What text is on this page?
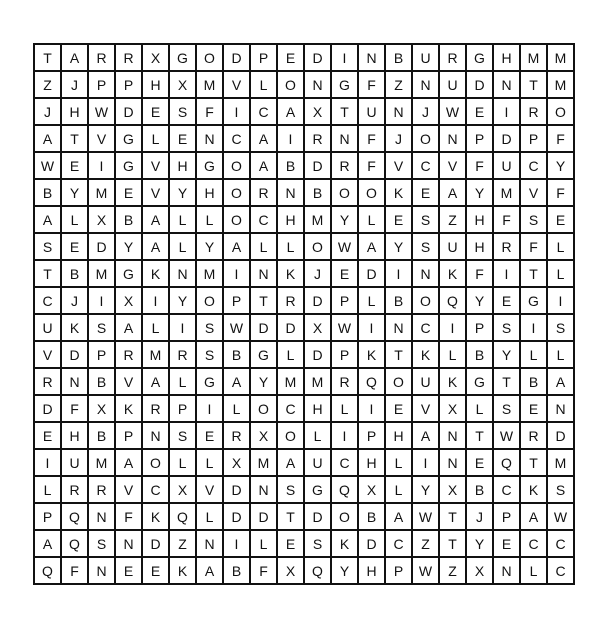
T	A	R	R	X	G	O	D	P	E	D	I	N	B	U	R	G	H	M	M
Z	J	P	P	H	X	M	V	L	O	N	G	F	Z	N	U	D	N	T	M
J	H	W	D	E	S	F	I	C	A	X	T	U	N	J	W	E	I	R	O
A	T	V	G	L	E	N	C	A	I	R	N	F	J	O	N	P	D	P	F
W	E	I	G	V	H	G	O	A	B	D	R	F	V	C	V	F	U	C	Y
B	Y	M	E	V	Y	H	O	R	N	B	O	O	K	E	A	Y	M	V	F
A	L	X	B	A	L	L	O	C	H	M	Y	L	E	S	Z	H	F	S	E
S	E	D	Y	A	L	Y	A	L	L	O	W	A	Y	S	U	H	R	F	L
T	B	M	G	K	N	M	I	N	K	J	E	D	I	N	K	F	I	T	L
C	J	I	X	I	Y	O	P	T	R	D	P	L	B	O	Q	Y	E	G	I
U	K	S	A	L	I	S	W	D	D	X	W	I	N	C	I	P	S	I	S
V	D	P	R	M	R	S	B	G	L	D	P	K	T	K	L	B	Y	L	L
R	N	B	V	A	L	G	A	Y	M	M	R	Q	O	U	K	G	T	B	A
D	F	X	K	R	P	I	L	O	C	H	L	I	E	V	X	L	S	E	N
E	H	B	P	N	S	E	R	X	O	L	I	P	H	A	N	T	W	R	D
I	U	M	A	O	L	L	X	M	A	U	C	H	L	I	N	E	Q	T	M
L	R	R	V	C	X	V	D	N	S	G	Q	X	L	Y	X	B	C	K	S
P	Q	N	F	K	Q	L	D	D	T	D	O	B	A	W	T	J	P	A	W
A	Q	S	N	D	Z	N	I	L	E	S	K	D	C	Z	T	Y	E	C	C
Q	F	N	E	E	K	A	B	F	X	Q	Y	H	P	W	Z	X	N	L	C
